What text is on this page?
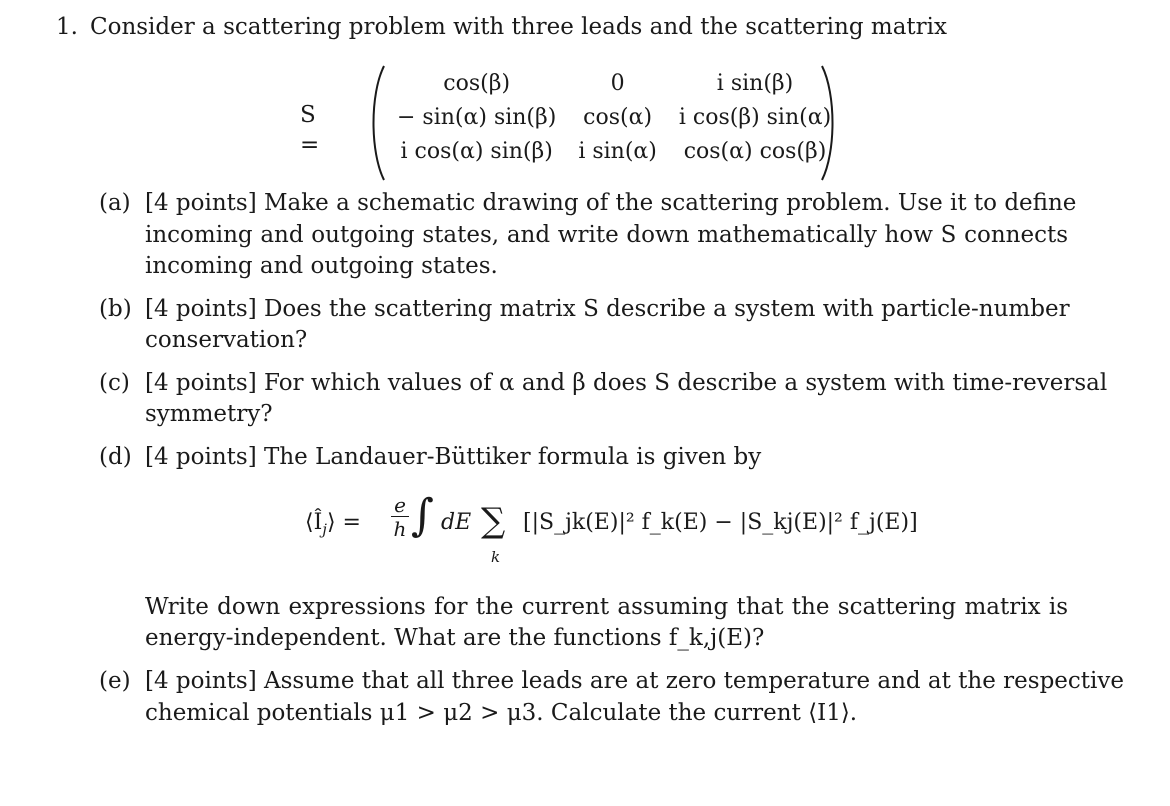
1. Consider a scattering problem with three leads and the scattering matrix
S =
cos(β)	0	i sin(β)
− sin(α) sin(β)	cos(α)	i cos(β) sin(α)
i cos(α) sin(β)	i sin(α)	cos(α) cos(β)
(a) [4 points] Make a schematic drawing of the scattering problem. Use it to define
incoming and outgoing states, and write down mathematically how S connects
incoming and outgoing states.
(b) [4 points] Does the scattering matrix S describe a system with particle-number
conservation?
(c) [4 points] For which values of α and β does S describe a system with time-reversal
symmetry?
(d) [4 points] The Landauer-Büttiker formula is given by
$⟨Î_j⟩$ =
e
h ∫ dE ∑
k
[|S_jk(E)|² f_k(E) − |S_kj(E)|² f_j(E)]
Write down expressions for the current assuming that the scattering matrix is
energy-independent. What are the functions f_k,j(E)?
(e) [4 points] Assume that all three leads are at zero temperature and at the respective
chemical potentials μ1 > μ2 > μ3. Calculate the current ⟨I1⟩.
